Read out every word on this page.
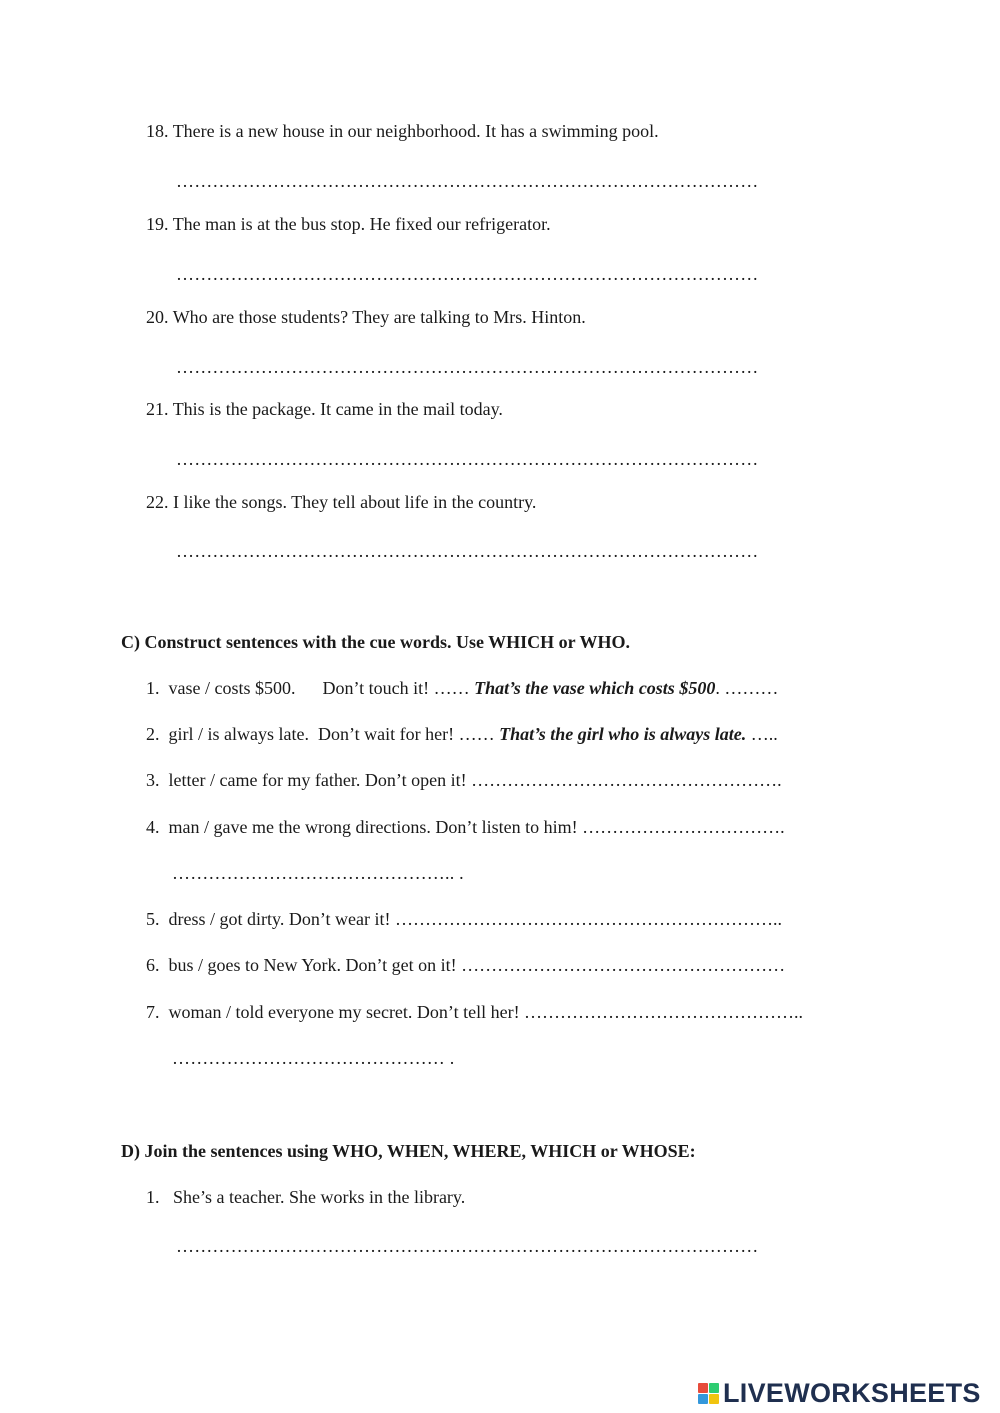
18. There is a new house in our neighborhood. It has a swimming pool.
……………………………………………………………………………………
19. The man is at the bus stop. He fixed our refrigerator.
……………………………………………………………………………………
20. Who are those students? They are talking to Mrs. Hinton.
……………………………………………………………………………………
21. This is the package. It came in the mail today.
……………………………………………………………………………………
22. I like the songs. They tell about life in the country.
……………………………………………………………………………………
C) Construct sentences with the cue words. Use WHICH or WHO.
1. vase / costs $500.      Don’t touch it! …… That’s the vase which costs $500. ………
2. girl / is always late.  Don’t wait for her! …… That’s the girl who is always late. …..
3. letter / came for my father. Don’t open it! …………………………………………….
4. man / gave me the wrong directions. Don’t listen to him! …………………………….
……………………………………….. .
5. dress / got dirty. Don’t wear it! ………………………………………………………..
6. bus / goes to New York. Don’t get on it! ………………………………………………
7. woman / told everyone my secret. Don’t tell her! ………………………………………..
……………………………………… .
D) Join the sentences using WHO, WHEN, WHERE, WHICH or WHOSE:
1. She’s a teacher. She works in the library.
……………………………………………………………………………………
LIVEWORKSHEETS
